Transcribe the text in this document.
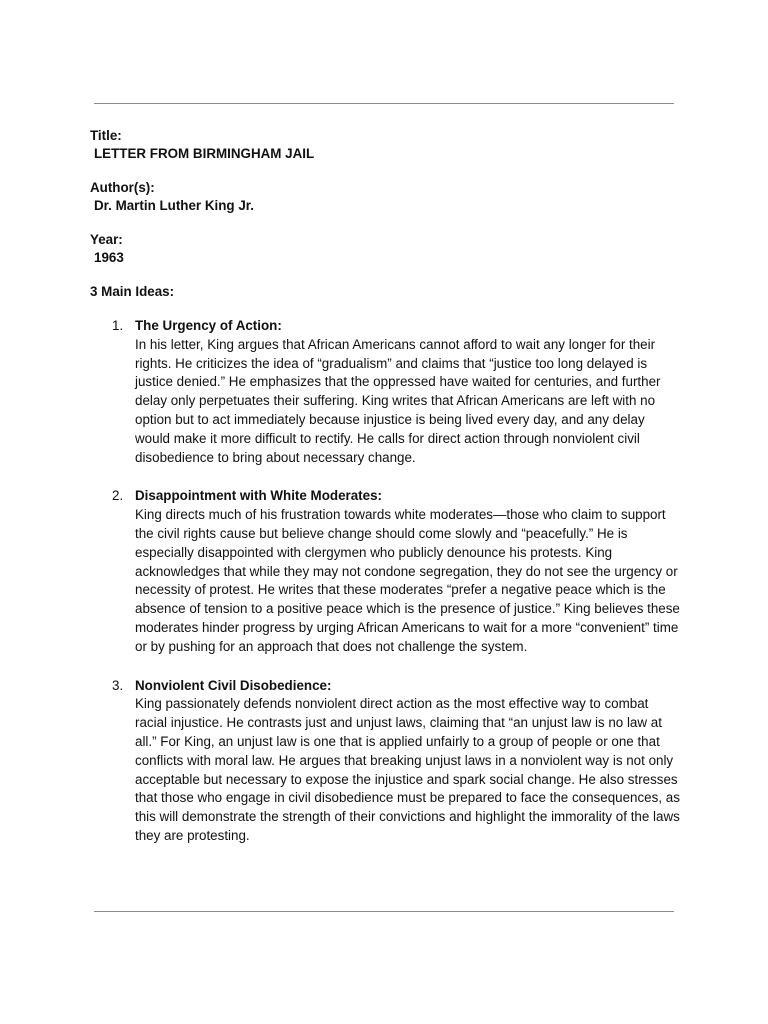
Title:
LETTER FROM BIRMINGHAM JAIL
Author(s):
Dr. Martin Luther King Jr.
Year:
1963
3 Main Ideas:
1. The Urgency of Action:
In his letter, King argues that African Americans cannot afford to wait any longer for their rights. He criticizes the idea of “gradualism” and claims that “justice too long delayed is justice denied.” He emphasizes that the oppressed have waited for centuries, and further delay only perpetuates their suffering. King writes that African Americans are left with no option but to act immediately because injustice is being lived every day, and any delay would make it more difficult to rectify. He calls for direct action through nonviolent civil disobedience to bring about necessary change.
2. Disappointment with White Moderates:
King directs much of his frustration towards white moderates—those who claim to support the civil rights cause but believe change should come slowly and “peacefully.” He is especially disappointed with clergymen who publicly denounce his protests. King acknowledges that while they may not condone segregation, they do not see the urgency or necessity of protest. He writes that these moderates “prefer a negative peace which is the absence of tension to a positive peace which is the presence of justice.” King believes these moderates hinder progress by urging African Americans to wait for a more “convenient” time or by pushing for an approach that does not challenge the system.
3. Nonviolent Civil Disobedience:
King passionately defends nonviolent direct action as the most effective way to combat racial injustice. He contrasts just and unjust laws, claiming that “an unjust law is no law at all.” For King, an unjust law is one that is applied unfairly to a group of people or one that conflicts with moral law. He argues that breaking unjust laws in a nonviolent way is not only acceptable but necessary to expose the injustice and spark social change. He also stresses that those who engage in civil disobedience must be prepared to face the consequences, as this will demonstrate the strength of their convictions and highlight the immorality of the laws they are protesting.
